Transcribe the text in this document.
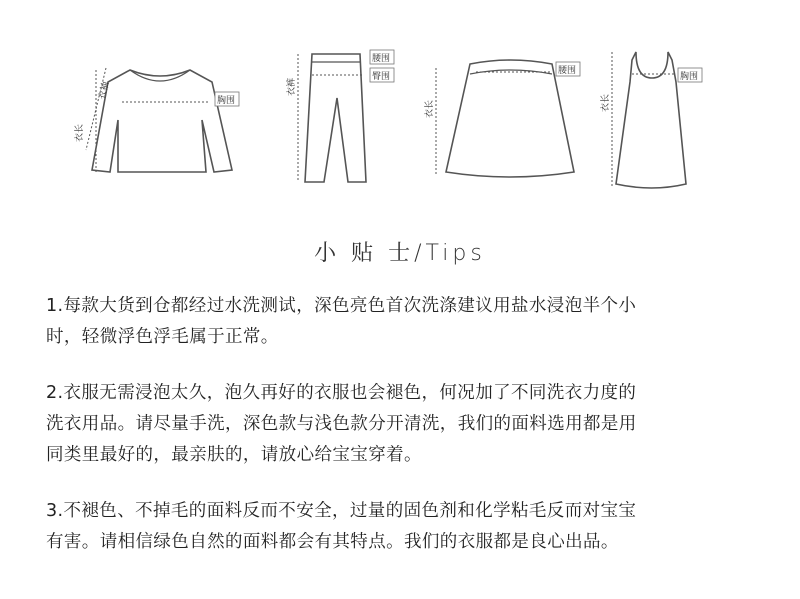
衣长
衣袖
胸围
衣裤
腰围
臀围
衣长
腰围
衣长
胸围
小 贴 士/Tips
1.每款大货到仓都经过水洗测试，深色亮色首次洗涤建议用盐水浸泡半个小
时，轻微浮色浮毛属于正常。
2.衣服无需浸泡太久，泡久再好的衣服也会褪色，何况加了不同洗衣力度的
洗衣用品。请尽量手洗，深色款与浅色款分开清洗，我们的面料选用都是用
同类里最好的，最亲肤的，请放心给宝宝穿着。
3.不褪色、不掉毛的面料反而不安全，过量的固色剂和化学粘毛反而对宝宝
有害。请相信绿色自然的面料都会有其特点。我们的衣服都是良心出品。
